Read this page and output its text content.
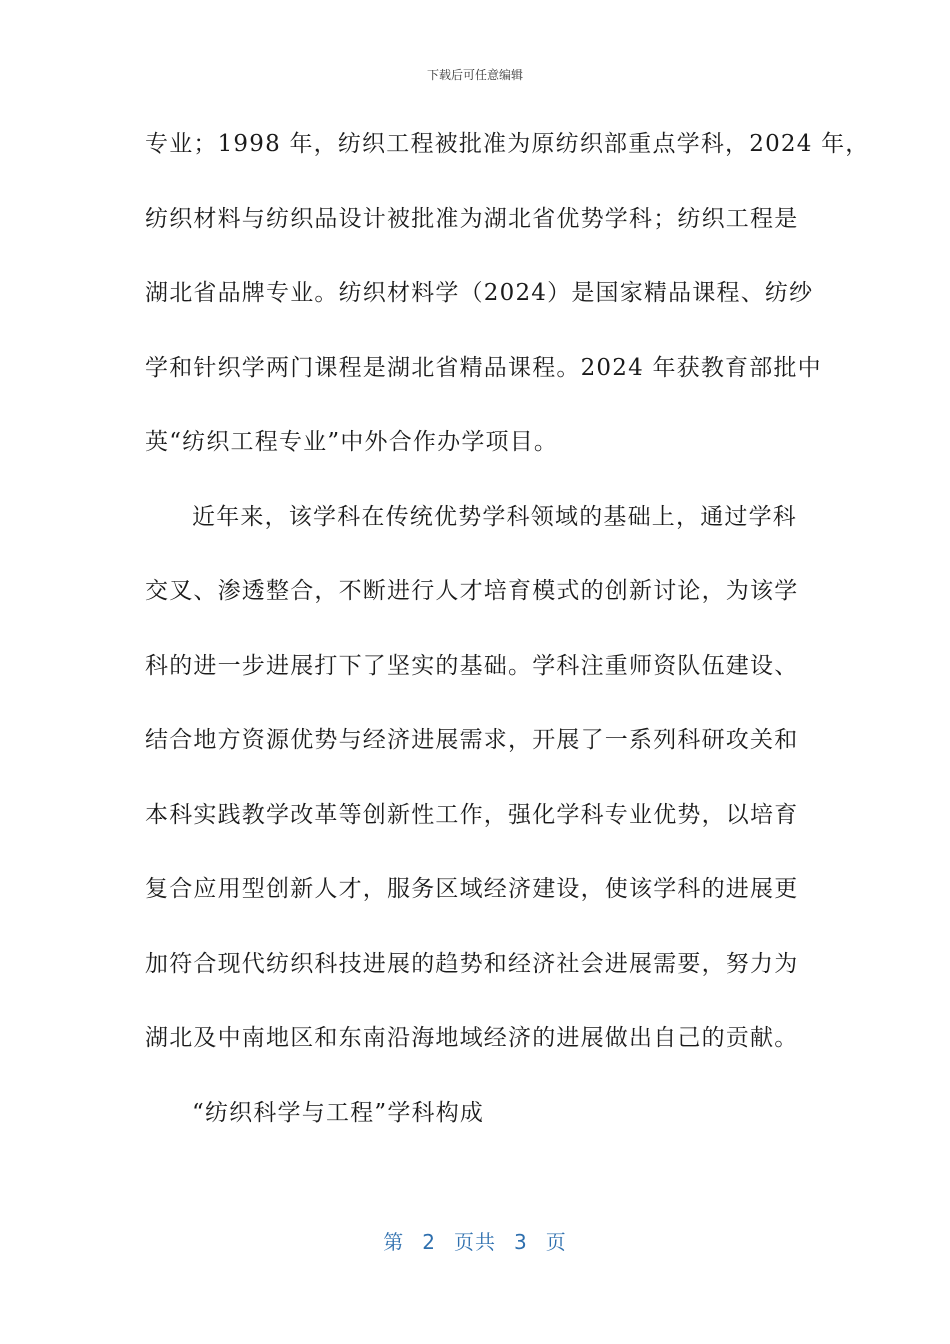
下载后可任意编辑
专业；1998 年，纺织工程被批准为原纺织部重点学科，2024 年，
纺织材料与纺织品设计被批准为湖北省优势学科；纺织工程是
湖北省品牌专业。纺织材料学（2024）是国家精品课程、纺纱
学和针织学两门课程是湖北省精品课程。2024 年获教育部批中
英“纺织工程专业”中外合作办学项目。
近年来，该学科在传统优势学科领域的基础上，通过学科
交叉、渗透整合，不断进行人才培育模式的创新讨论，为该学
科的进一步进展打下了坚实的基础。学科注重师资队伍建设、
结合地方资源优势与经济进展需求，开展了一系列科研攻关和
本科实践教学改革等创新性工作，强化学科专业优势，以培育
复合应用型创新人才，服务区域经济建设，使该学科的进展更
加符合现代纺织科技进展的趋势和经济社会进展需要，努力为
湖北及中南地区和东南沿海地域经济的进展做出自己的贡献。
“纺织科学与工程”学科构成
第 2 页共 3 页
